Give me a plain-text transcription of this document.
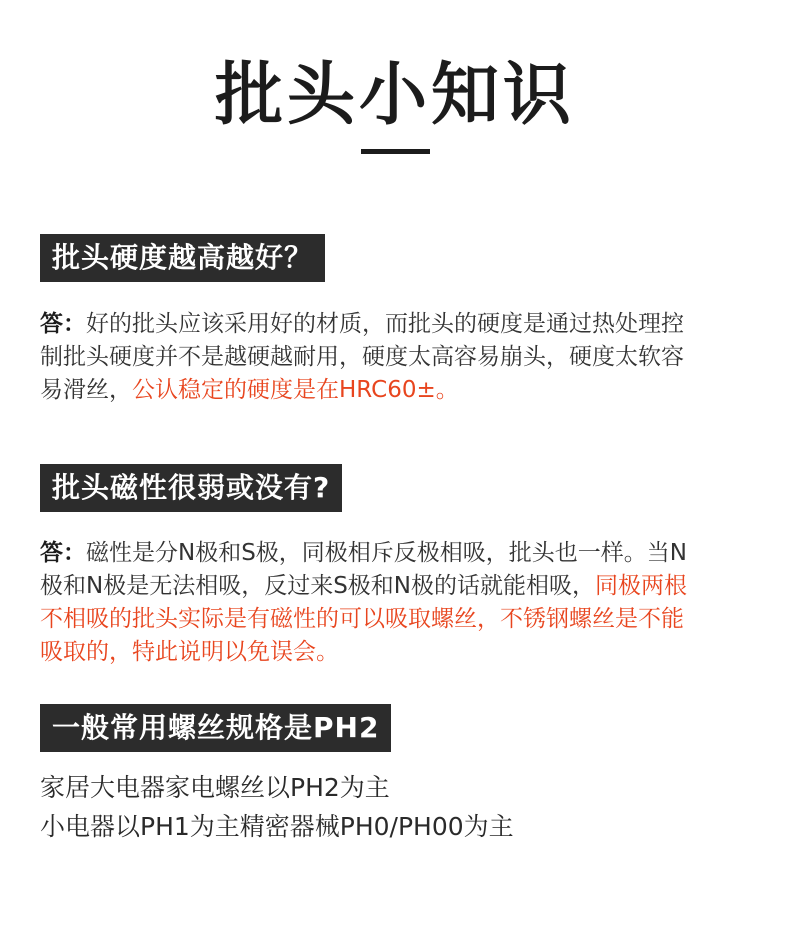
批头小知识
批头硬度越高越好？
答：好的批头应该采用好的材质，而批头的硬度是通过热处理控制批头硬度并不是越硬越耐用，硬度太高容易崩头，硬度太软容易滑丝，公认稳定的硬度是在HRC60±。
批头磁性很弱或没有?
答：磁性是分N极和S极，同极相斥反极相吸，批头也一样。当N极和N极是无法相吸，反过来S极和N极的话就能相吸，同极两根不相吸的批头实际是有磁性的可以吸取螺丝，不锈钢螺丝是不能吸取的，特此说明以免误会。
一般常用螺丝规格是PH2
家居大电器家电螺丝以PH2为主
小电器以PH1为主精密器械PH0/PH00为主
